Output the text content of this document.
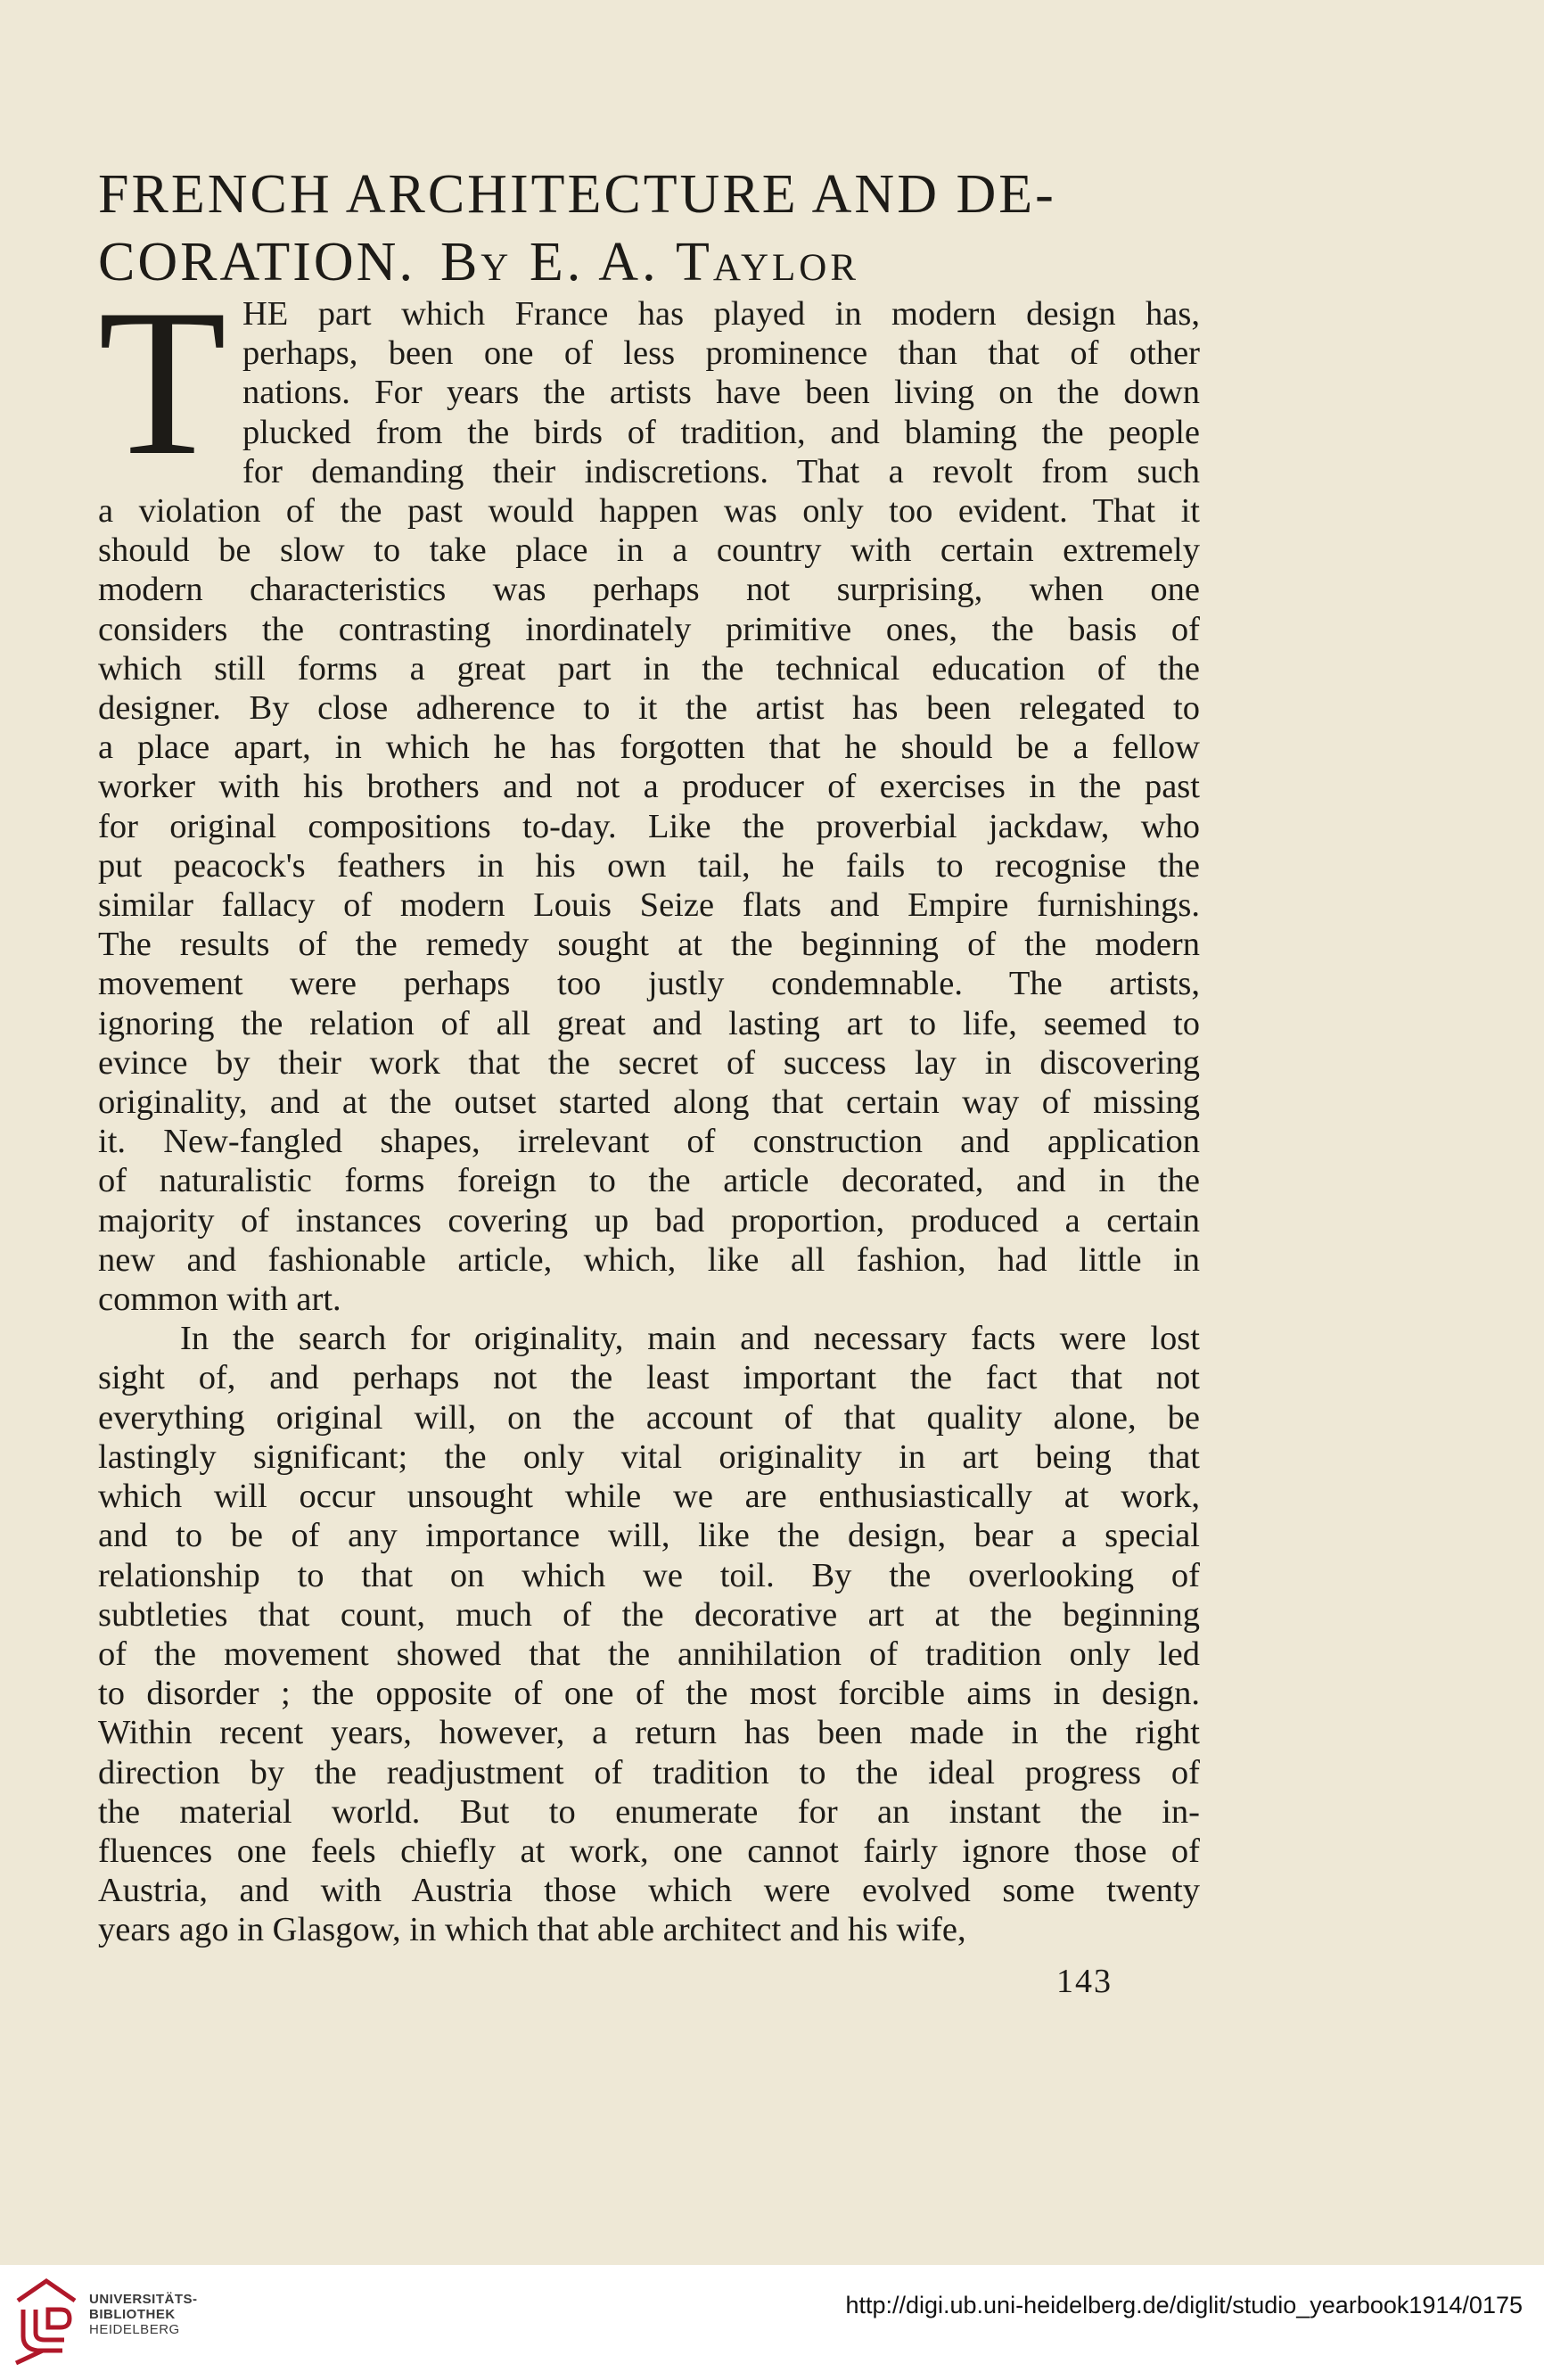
FRENCH ARCHITECTURE AND DE-
CORATION. By E. A. Taylor
T HE part which France has played in modern design has,
perhaps, been one of less prominence than that of other
nations. For years the artists have been living on the down
plucked from the birds of tradition, and blaming the people
for demanding their indiscretions. That a revolt from such
a violation of the past would happen was only too evident. That it
should be slow to take place in a country with certain extremely
modern characteristics was perhaps not surprising, when one
considers the contrasting inordinately primitive ones, the basis of
which still forms a great part in the technical education of the
designer. By close adherence to it the artist has been relegated to
a place apart, in which he has forgotten that he should be a fellow
worker with his brothers and not a producer of exercises in the past
for original compositions to-day. Like the proverbial jackdaw, who
put peacock's feathers in his own tail, he fails to recognise the
similar fallacy of modern Louis Seize flats and Empire furnishings.
The results of the remedy sought at the beginning of the modern
movement were perhaps too justly condemnable. The artists,
ignoring the relation of all great and lasting art to life, seemed to
evince by their work that the secret of success lay in discovering
originality, and at the outset started along that certain way of missing
it. New-fangled shapes, irrelevant of construction and application
of naturalistic forms foreign to the article decorated, and in the
majority of instances covering up bad proportion, produced a certain
new and fashionable article, which, like all fashion, had little in
common with art.

In the search for originality, main and necessary facts were lost
sight of, and perhaps not the least important the fact that not
everything original will, on the account of that quality alone, be
lastingly significant; the only vital originality in art being that
which will occur unsought while we are enthusiastically at work,
and to be of any importance will, like the design, bear a special
relationship to that on which we toil. By the overlooking of
subtleties that count, much of the decorative art at the beginning
of the movement showed that the annihilation of tradition only led
to disorder ; the opposite of one of the most forcible aims in design.
Within recent years, however, a return has been made in the right
direction by the readjustment of tradition to the ideal progress of
the material world. But to enumerate for an instant the in-
fluences one feels chiefly at work, one cannot fairly ignore those of
Austria, and with Austria those which were evolved some twenty
years ago in Glasgow, in which that able architect and his wife,

143
UNIVERSITÄTS-
BIBLIOTHEK
HEIDELBERG
http://digi.ub.uni-heidelberg.de/diglit/studio_yearbook1914/0175
